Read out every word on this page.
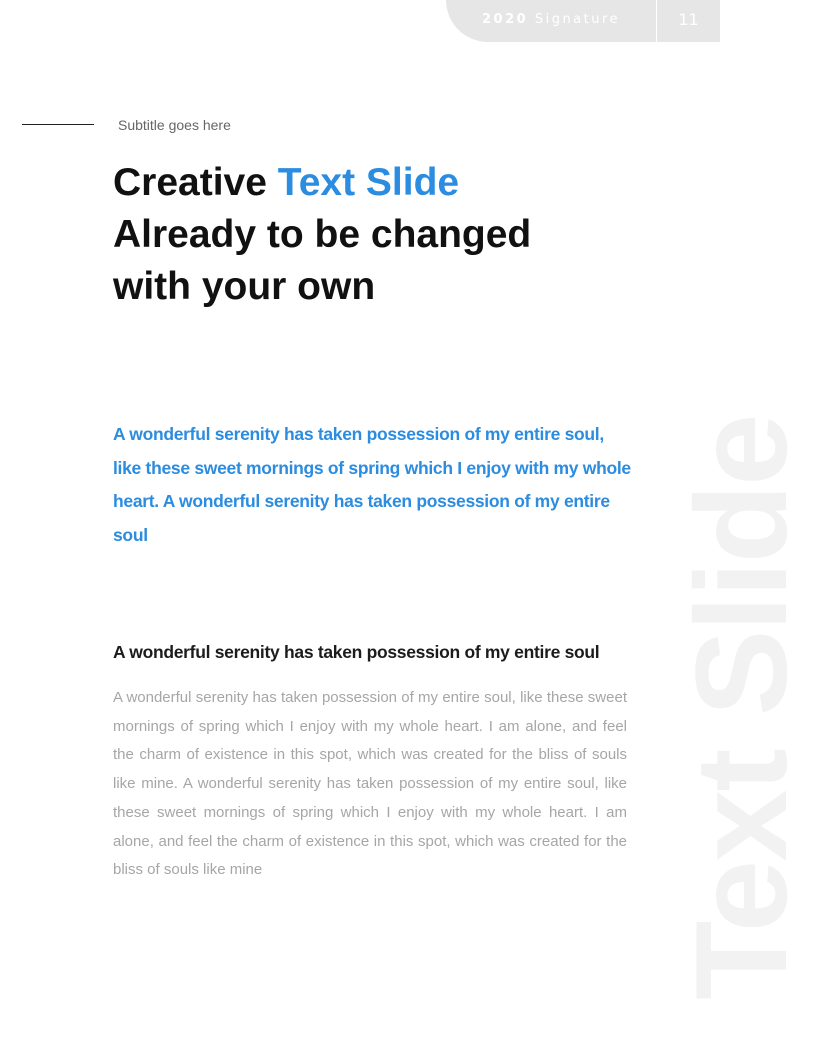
Text Slide
2020 Signature	11
Subtitle goes here
Creative Text Slide
Already to be changed
with your own

A wonderful serenity has taken possession of my entire soul, like these sweet mornings of spring which I enjoy with my whole heart. A wonderful serenity has taken possession of my entire soul

A wonderful serenity has taken possession of my entire soul

A wonderful serenity has taken possession of my entire soul, like these sweet mornings of spring which I enjoy with my whole heart. I am alone, and feel the charm of existence in this spot, which was created for the bliss of souls like mine. A wonderful serenity has taken possession of my entire soul, like these sweet mornings of spring which I enjoy with my whole heart. I am alone, and feel the charm of existence in this spot, which was created for the bliss of souls like mine
